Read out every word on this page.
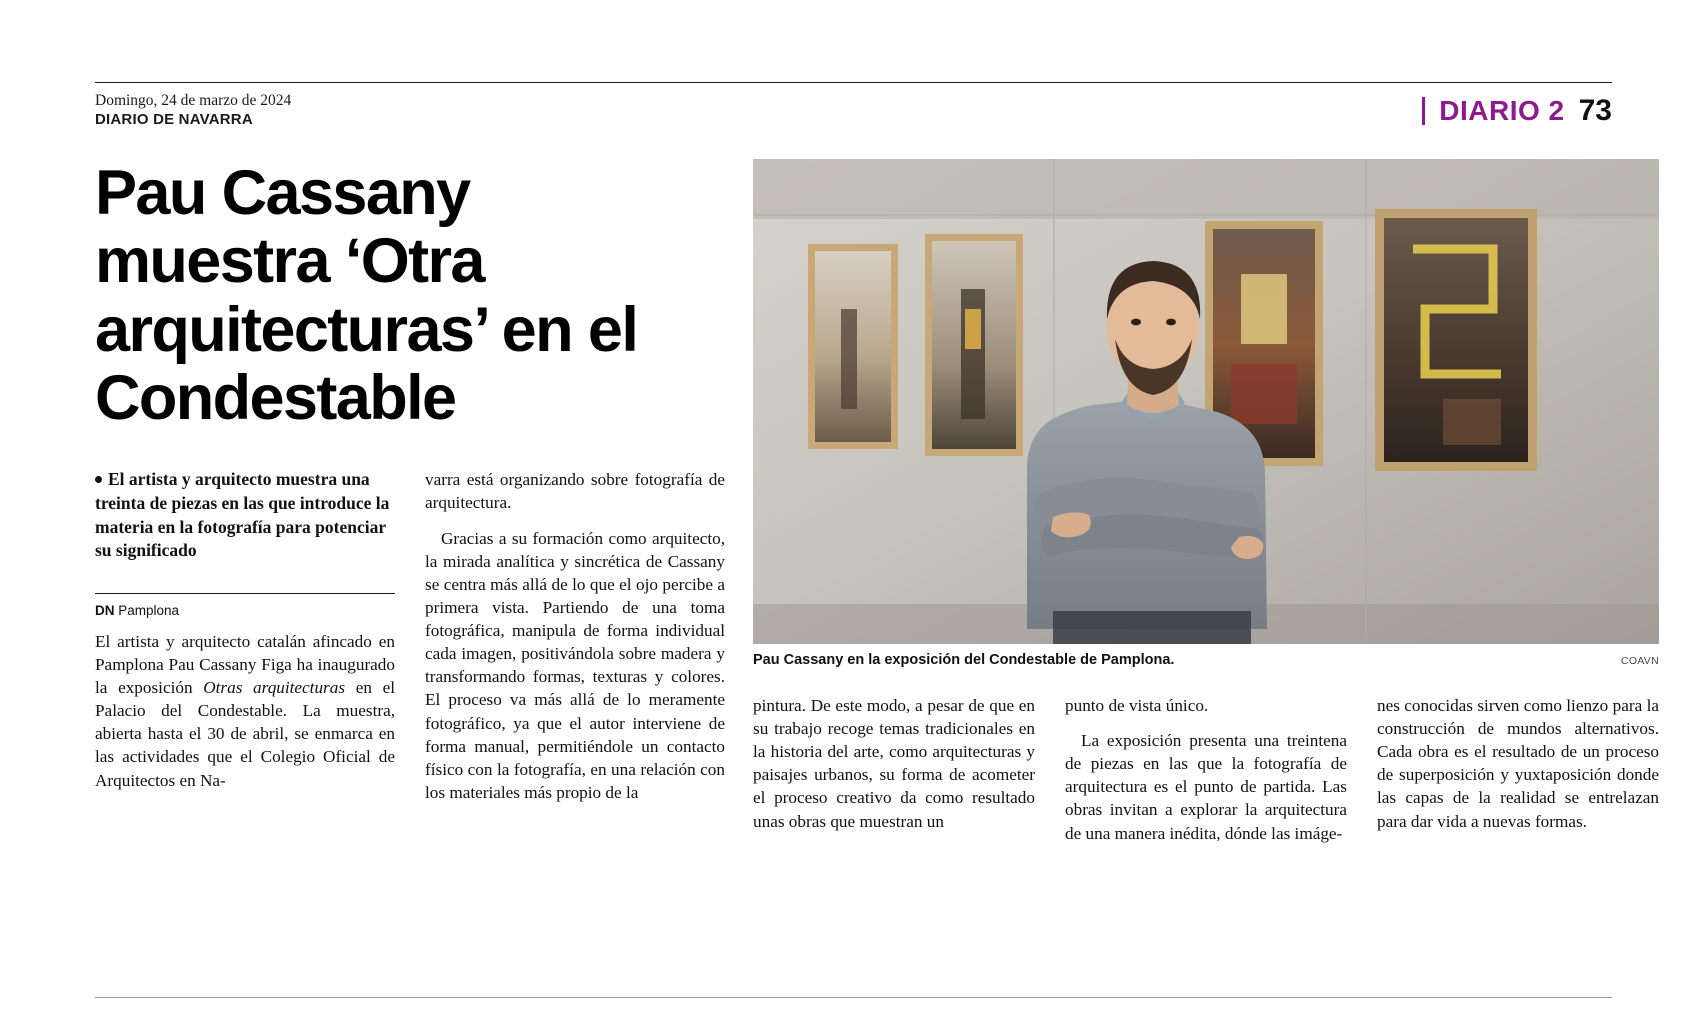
Domingo, 24 de marzo de 2024
DIARIO DE NAVARRA	DIARIO 2 73
Pau Cassany muestra ‘Otra arquitecturas’ en el Condestable

El artista y arquitecto muestra una treinta de piezas en las que introduce la materia en la fotografía para potenciar su significado

DN Pamplona

El artista y arquitecto catalán afincado en Pamplona Pau Cassany Figa ha inaugurado la exposición Otras arquitecturas en el Palacio del Condestable. La muestra, abierta hasta el 30 de abril, se enmarca en las actividades que el Colegio Oficial de Arquitectos en Na-

varra está organizando sobre fotografía de arquitectura.

Gracias a su formación como arquitecto, la mirada analítica y sincrética de Cassany se centra más allá de lo que el ojo percibe a primera vista. Partiendo de una toma fotográfica, manipula de forma individual cada imagen, positivándola sobre madera y transformando formas, texturas y colores. El proceso va más allá de lo meramente fotográfico, ya que el autor interviene de forma manual, permitiéndole un contacto físico con la fotografía, en una relación con los materiales más propio de la

Pau Cassany en la exposición del Condestable de Pamplona.	COAVN

pintura. De este modo, a pesar de que en su trabajo recoge temas tradicionales en la historia del arte, como arquitecturas y paisajes urbanos, su forma de acometer el proceso creativo da como resultado unas obras que muestran un

punto de vista único.

La exposición presenta una treintena de piezas en las que la fotografía de arquitectura es el punto de partida. Las obras invitan a explorar la arquitectura de una manera inédita, dónde las imáge-

nes conocidas sirven como lienzo para la construcción de mundos alternativos. Cada obra es el resultado de un proceso de superposición y yuxtaposición donde las capas de la realidad se entrelazan para dar vida a nuevas formas.
